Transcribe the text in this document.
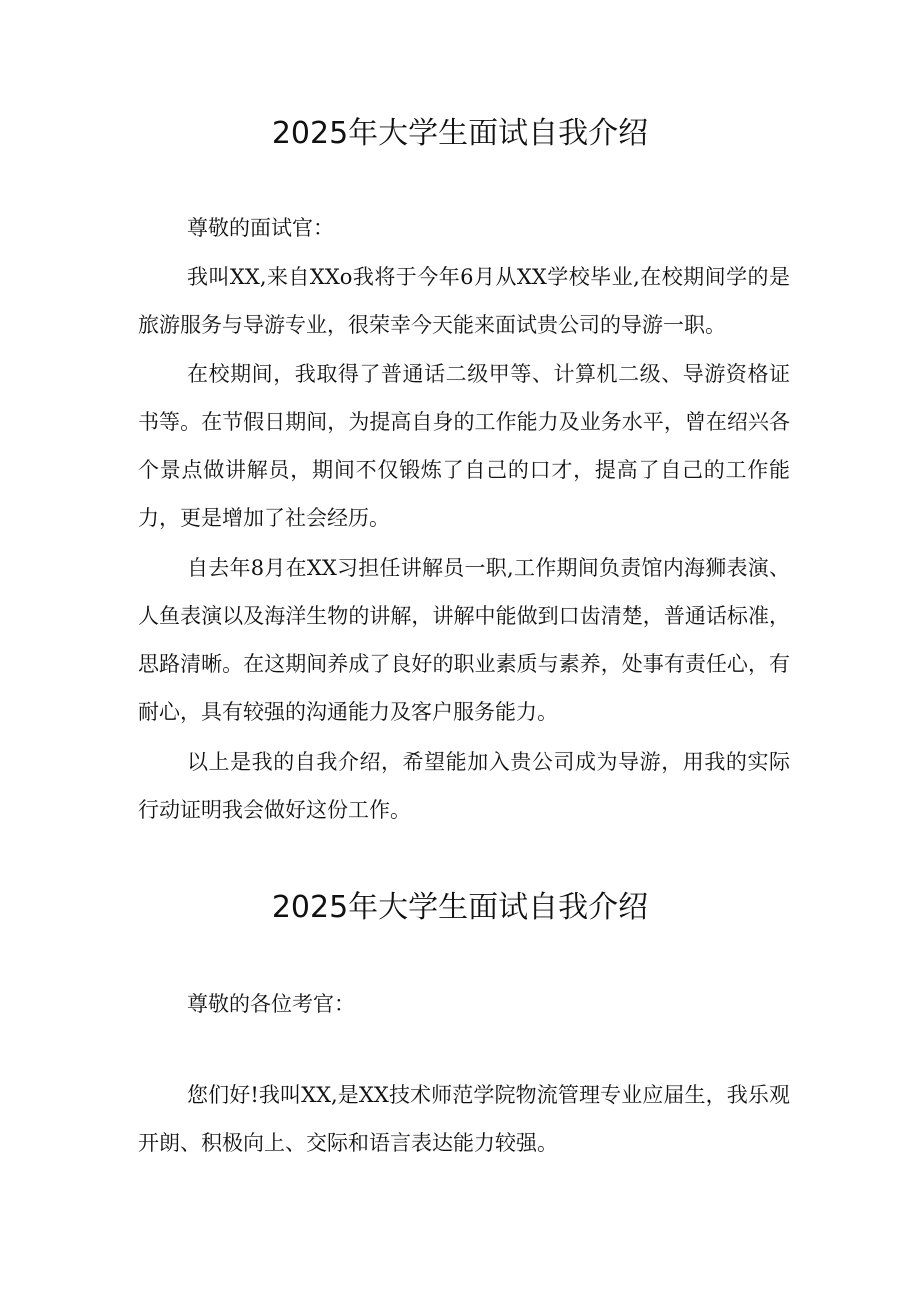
2025年大学生面试自我介绍

尊敬的面试官：

我叫XX,来自XXo我将于今年6月从XX学校毕业,在校期间学的是旅游服务与导游专业，很荣幸今天能来面试贵公司的导游一职。

在校期间，我取得了普通话二级甲等、计算机二级、导游资格证书等。在节假日期间，为提高自身的工作能力及业务水平，曾在绍兴各个景点做讲解员，期间不仅锻炼了自己的口才，提高了自己的工作能力，更是增加了社会经历。

自去年8月在XX习担任讲解员一职,工作期间负责馆内海狮表演、人鱼表演以及海洋生物的讲解，讲解中能做到口齿清楚，普通话标准，思路清晰。在这期间养成了良好的职业素质与素养，处事有责任心，有耐心，具有较强的沟通能力及客户服务能力。

以上是我的自我介绍，希望能加入贵公司成为导游，用我的实际行动证明我会做好这份工作。

2025年大学生面试自我介绍

尊敬的各位考官：

您们好!我叫XX,是XX技术师范学院物流管理专业应届生，我乐观开朗、积极向上、交际和语言表达能力较强。
